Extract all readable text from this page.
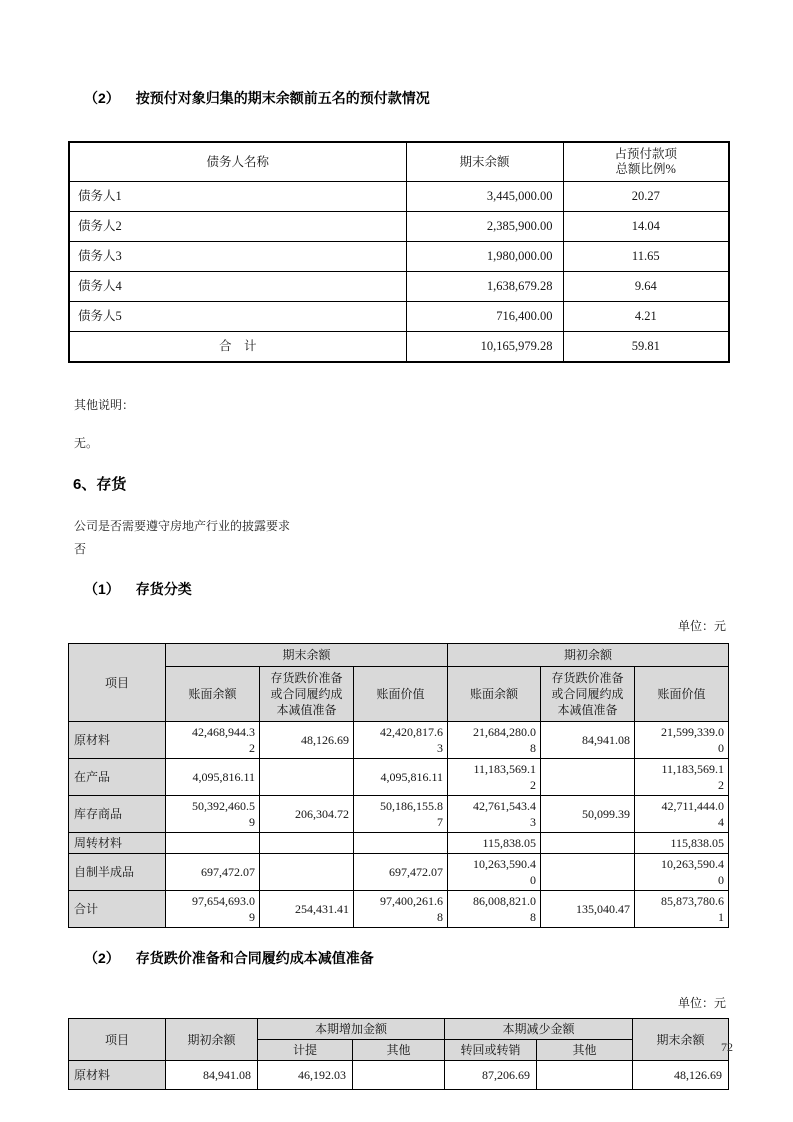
（2） 按预付对象归集的期末余额前五名的预付款情况
债务人名称	期末余额	占预付款项
总额比例%
债务人1	3,445,000.00	20.27
债务人2	2,385,900.00	14.04
债务人3	1,980,000.00	11.65
债务人4	1,638,679.28	9.64
债务人5	716,400.00	4.21
合　计	10,165,979.28	59.81
其他说明：
无。
6、存货
公司是否需要遵守房地产行业的披露要求
否
（1） 存货分类
单位：元
项目	期末余额			期初余额		
	账面余额	存货跌价准备或合同履约成本减值准备	账面价值	账面余额	存货跌价准备或合同履约成本减值准备	账面价值
原材料	42,468,944.32	48,126.69	42,420,817.63	21,684,280.08	84,941.08	21,599,339.00
在产品	4,095,816.11		4,095,816.11	11,183,569.12		11,183,569.12
库存商品	50,392,460.59	206,304.72	50,186,155.87	42,761,543.43	50,099.39	42,711,444.04
周转材料				115,838.05		115,838.05
自制半成品	697,472.07		697,472.07	10,263,590.40		10,263,590.40
合计	97,654,693.09	254,431.41	97,400,261.68	86,008,821.08	135,040.47	85,873,780.61
（2） 存货跌价准备和合同履约成本减值准备
单位：元
项目	期初余额	本期增加金额		本期减少金额		期末余额
		计提	其他	转回或转销	其他	
原材料	84,941.08	46,192.03		87,206.69		48,126.69
72
